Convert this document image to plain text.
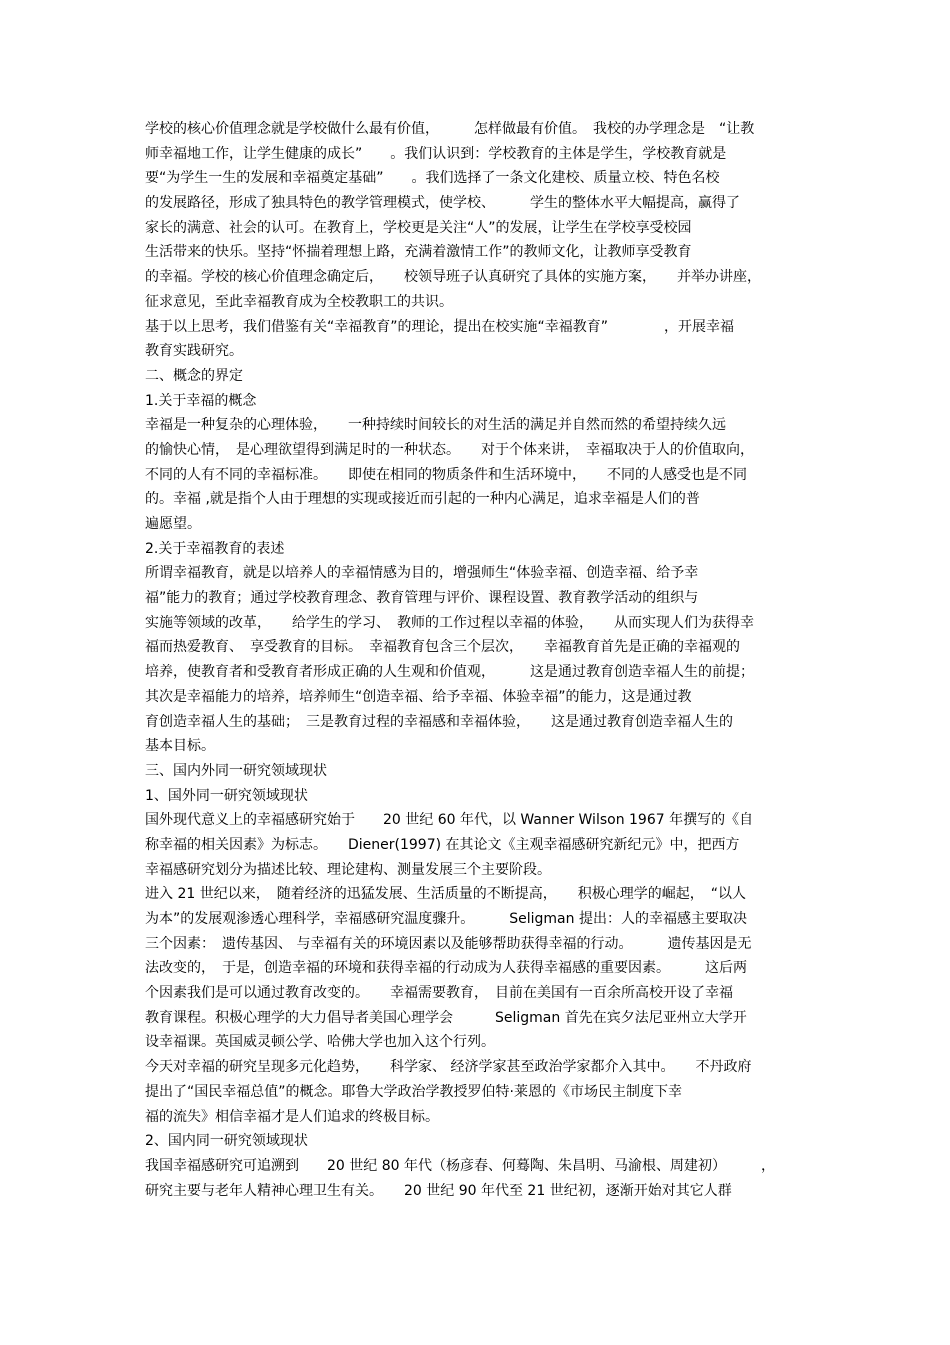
学校的核心价值理念就是学校做什么最有价值，　　　怎样做最有价值。　我校的办学理念是　“让教
师幸福地工作，让学生健康的成长”　　。我们认识到：学校教育的主体是学生，学校教育就是
要“为学生一生的发展和幸福奠定基础”　　。我们选择了一条文化建校、质量立校、特色名校
的发展路径，形成了独具特色的教学管理模式，使学校、　　　学生的整体水平大幅提高，赢得了
家长的满意、社会的认可。在教育上，学校更是关注“人”的发展，让学生在学校享受校园
生活带来的快乐。坚持“怀揣着理想上路，充满着激情工作”的教师文化，让教师享受教育
的幸福。学校的核心价值理念确定后，　　校领导班子认真研究了具体的实施方案，　　并举办讲座，
征求意见，至此幸福教育成为全校教职工的共识。
基于以上思考，我们借鉴有关“幸福教育”的理论，提出在校实施“幸福教育”　　　　，开展幸福
教育实践研究。
二、概念的界定
1.关于幸福的概念
幸福是一种复杂的心理体验，　　一种持续时间较长的对生活的满足并自然而然的希望持续久远
的愉快心情，　是心理欲望得到满足时的一种状态。　　对于个体来讲，　幸福取决于人的价值取向，
不同的人有不同的幸福标准。　　即使在相同的物质条件和生活环境中，　　不同的人感受也是不同
的。幸福 ,就是指个人由于理想的实现或接近而引起的一种内心满足，追求幸福是人们的普
遍愿望。
2.关于幸福教育的表述
所谓幸福教育，就是以培养人的幸福情感为目的，增强师生“体验幸福、创造幸福、给予幸
福”能力的教育；通过学校教育理念、教育管理与评价、课程设置、教育教学活动的组织与
实施等领域的改革，　　给学生的学习、　教师的工作过程以幸福的体验，　　从而实现人们为获得幸
福而热爱教育、　享受教育的目标。　幸福教育包含三个层次，　　幸福教育首先是正确的幸福观的
培养，使教育者和受教育者形成正确的人生观和价值观，　　　这是通过教育创造幸福人生的前提；
其次是幸福能力的培养，培养师生“创造幸福、给予幸福、体验幸福”的能力，这是通过教
育创造幸福人生的基础；　三是教育过程的幸福感和幸福体验，　　这是通过教育创造幸福人生的
基本目标。
三、国内外同一研究领域现状
1、国外同一研究领域现状
国外现代意义上的幸福感研究始于　　20 世纪 60 年代，以 Wanner Wilson 1967 年撰写的《自
称幸福的相关因素》为标志。　　Diener(1997) 在其论文《主观幸福感研究新纪元》中，把西方
幸福感研究划分为描述比较、理论建构、测量发展三个主要阶段。
进入 21 世纪以来，　随着经济的迅猛发展、生活质量的不断提高，　　积极心理学的崛起，　“以人
为本”的发展观渗透心理科学，幸福感研究温度骤升。　　　Seligman 提出：人的幸福感主要取决
三个因素：　遗传基因、 与幸福有关的环境因素以及能够帮助获得幸福的行动。　　　遗传基因是无
法改变的，　于是，创造幸福的环境和获得幸福的行动成为人获得幸福感的重要因素。　　　这后两
个因素我们是可以通过教育改变的。　　幸福需要教育，　目前在美国有一百余所高校开设了幸福
教育课程。积极心理学的大力倡导者美国心理学会　　　Seligman 首先在宾夕法尼亚州立大学开
设幸福课。英国威灵顿公学、哈佛大学也加入这个行列。
今天对幸福的研究呈现多元化趋势，　　科学家、 经济学家甚至政治学家都介入其中。　　不丹政府
提出了“国民幸福总值”的概念。耶鲁大学政治学教授罗伯特·莱恩的《市场民主制度下幸
福的流失》相信幸福才是人们追求的终极目标。
2、国内同一研究领域现状
我国幸福感研究可追溯到　　20 世纪 80 年代（杨彦春、何蓦陶、朱昌明、马渝根、周建初）　　　，
研究主要与老年人精神心理卫生有关。　　20 世纪 90 年代至 21 世纪初，逐渐开始对其它人群
